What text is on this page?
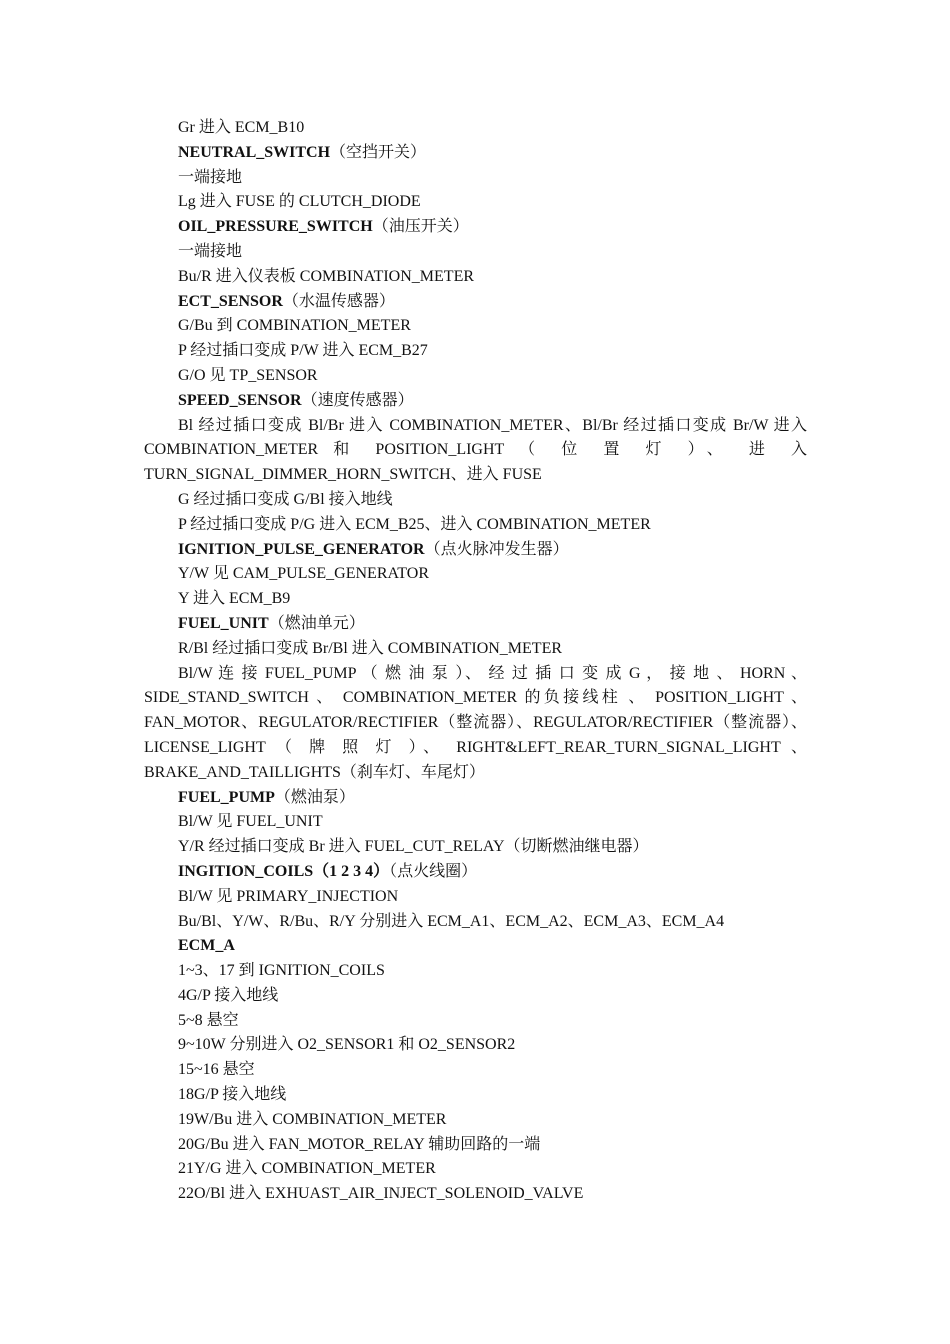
Gr 进入 ECM_B10
NEUTRAL_SWITCH（空挡开关）
一端接地
Lg 进入 FUSE 的 CLUTCH_DIODE
OIL_PRESSURE_SWITCH（油压开关）
一端接地
Bu/R 进入仪表板 COMBINATION_METER
ECT_SENSOR（水温传感器）
G/Bu 到 COMBINATION_METER
P 经过插口变成 P/W 进入 ECM_B27
G/O 见 TP_SENSOR
SPEED_SENSOR（速度传感器）
Bl 经过插口变成 Bl/Br 进入 COMBINATION_METER、Bl/Br 经过插口变成 Br/W 进入
COMBINATION_METER 和 POSITION_LIGHT （ 位 置 灯 ）、 进 入
TURN_SIGNAL_DIMMER_HORN_SWITCH、进入 FUSE
G 经过插口变成 G/Bl 接入地线
P 经过插口变成 P/G 进入 ECM_B25、进入 COMBINATION_METER
IGNITION_PULSE_GENERATOR（点火脉冲发生器）
Y/W 见 CAM_PULSE_GENERATOR
Y 进入 ECM_B9
FUEL_UNIT（燃油单元）
R/Bl 经过插口变成 Br/Bl 进入 COMBINATION_METER
Bl/W 连 接 FUEL_PUMP （ 燃 油 泵 ）、 经 过 插 口 变 成 G ， 接 地 、 HORN 、
SIDE_STAND_SWITCH 、 COMBINATION_METER 的负接线柱 、 POSITION_LIGHT 、
FAN_MOTOR、REGULATOR/RECTIFIER（整流器）、REGULATOR/RECTIFIER（整流器）、
LICENSE_LIGHT （ 牌 照 灯 ）、 RIGHT&LEFT_REAR_TURN_SIGNAL_LIGHT 、
BRAKE_AND_TAILLIGHTS（刹车灯、车尾灯）
FUEL_PUMP（燃油泵）
Bl/W 见 FUEL_UNIT
Y/R 经过插口变成 Br 进入 FUEL_CUT_RELAY（切断燃油继电器）
INGITION_COILS（1 2 3 4）（点火线圈）
Bl/W 见 PRIMARY_INJECTION
Bu/Bl、Y/W、R/Bu、R/Y 分别进入 ECM_A1、ECM_A2、ECM_A3、ECM_A4
ECM_A
1~3、17 到 IGNITION_COILS
4G/P 接入地线
5~8 悬空
9~10W 分别进入 O2_SENSOR1 和 O2_SENSOR2
15~16 悬空
18G/P 接入地线
19W/Bu 进入 COMBINATION_METER
20G/Bu 进入 FAN_MOTOR_RELAY 辅助回路的一端
21Y/G 进入 COMBINATION_METER
22O/Bl 进入 EXHUAST_AIR_INJECT_SOLENOID_VALVE
